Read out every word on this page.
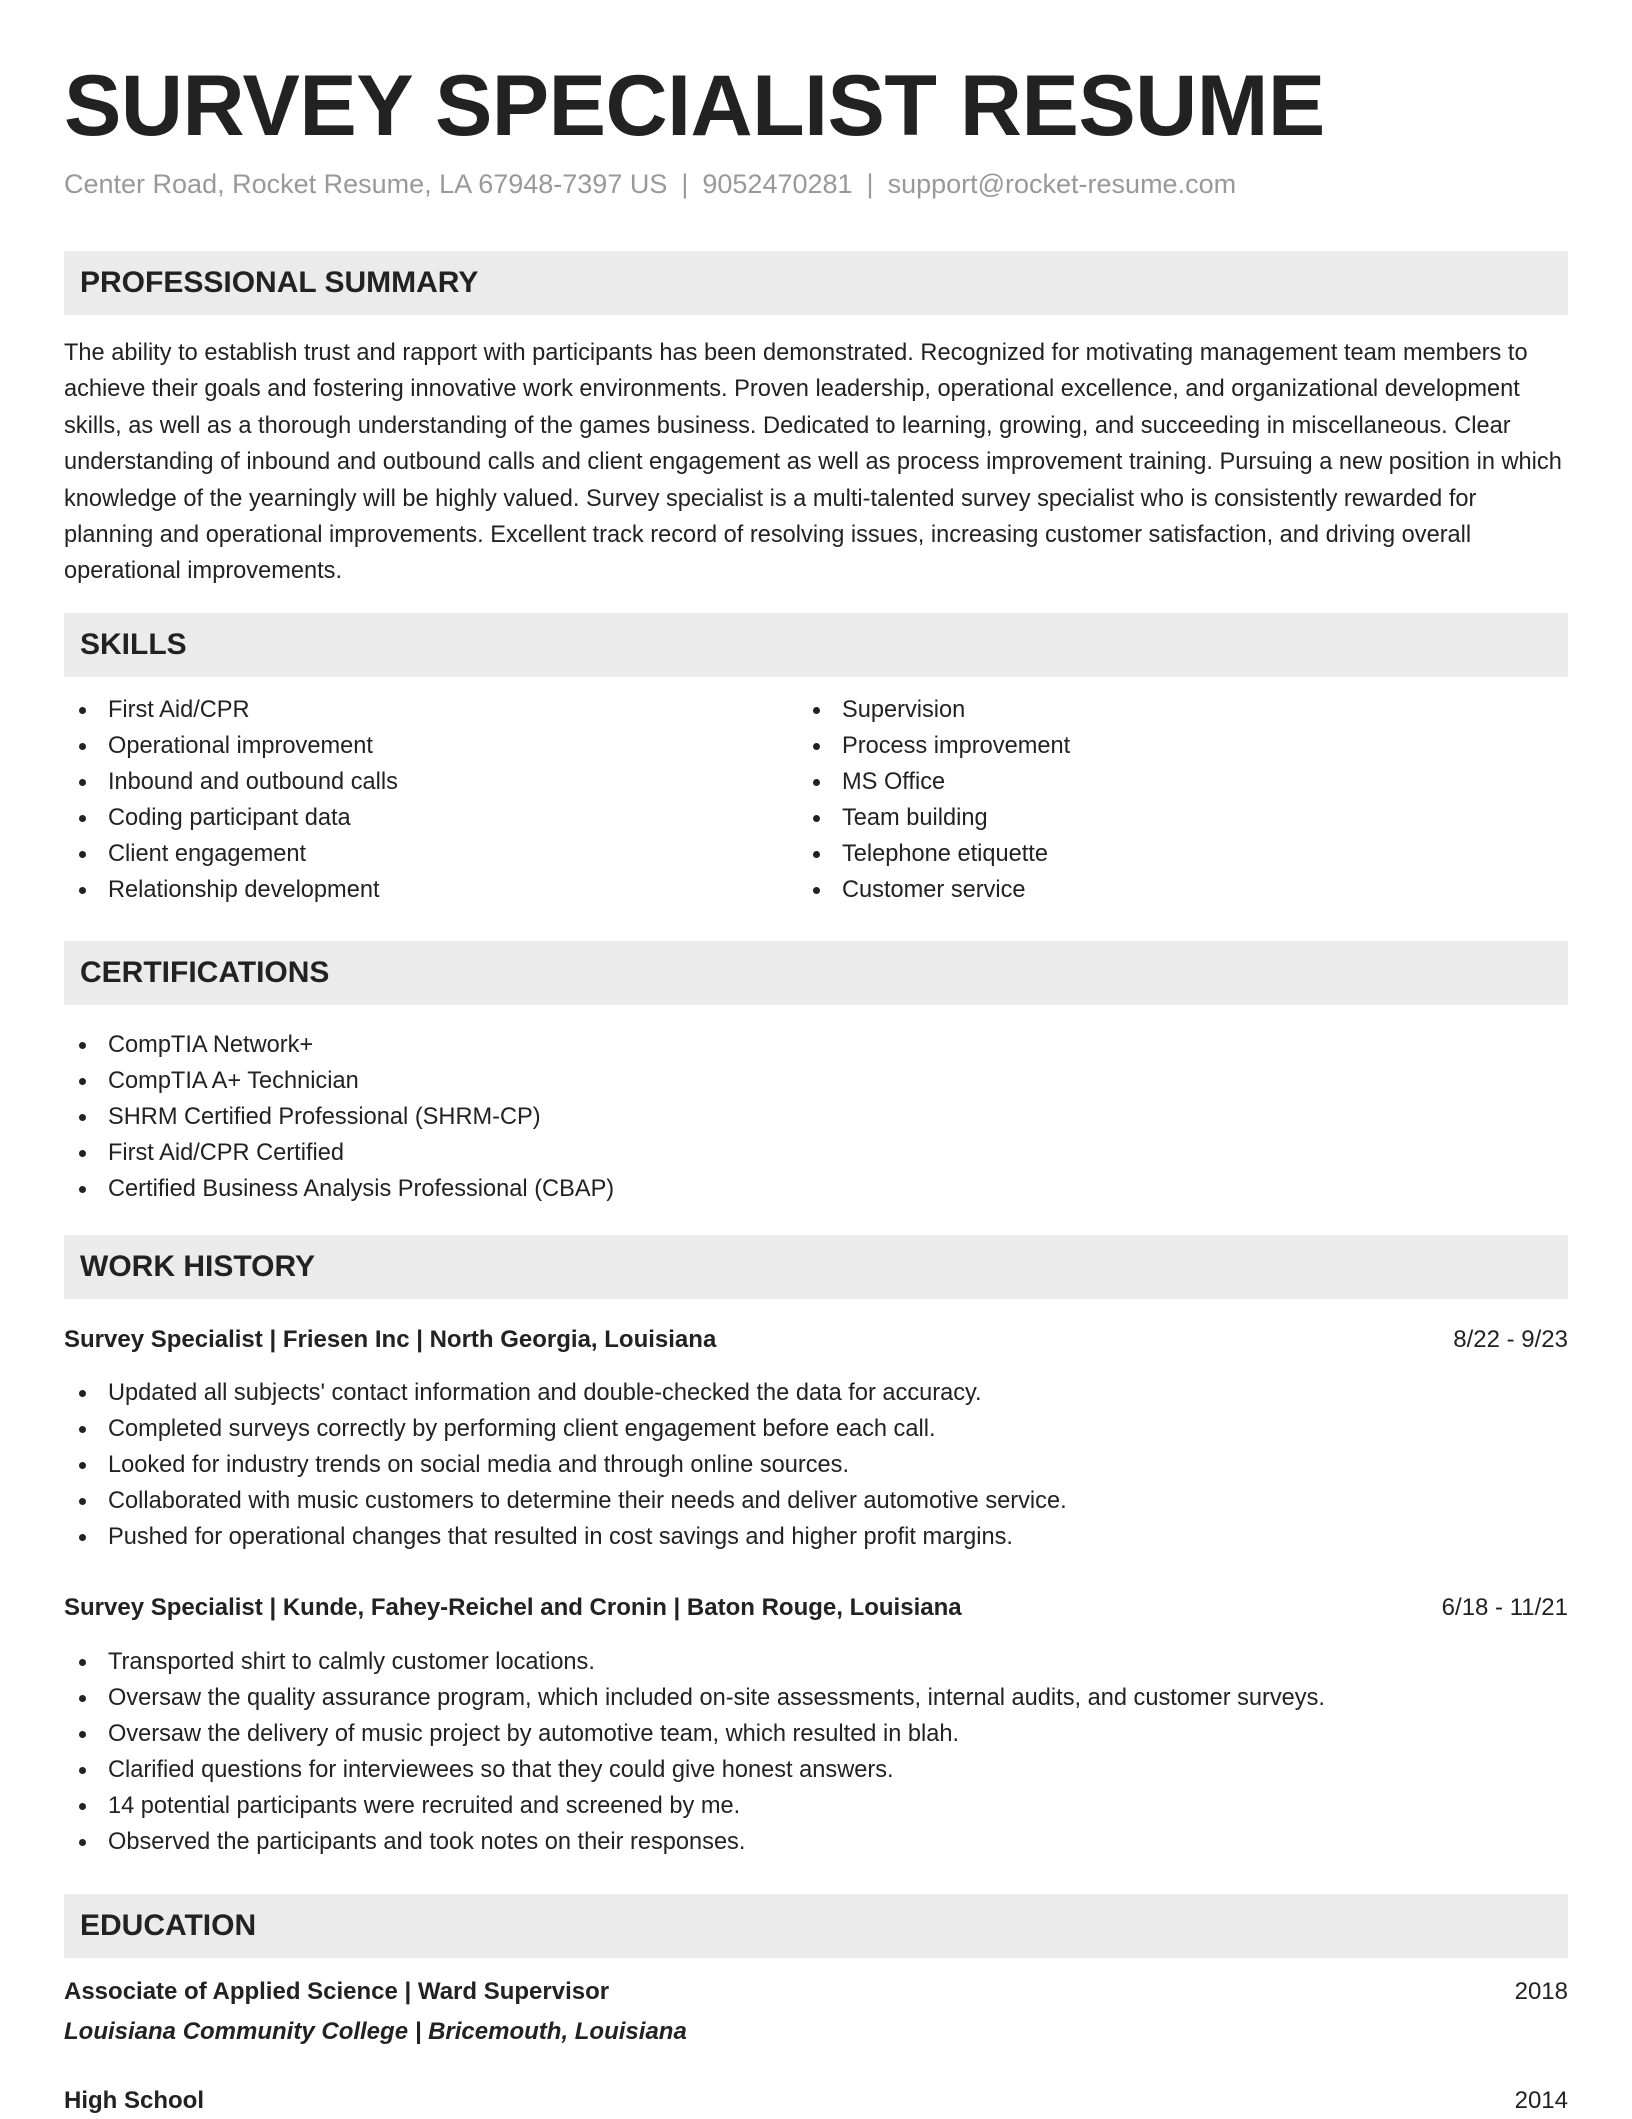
SURVEY SPECIALIST RESUME
Center Road, Rocket Resume, LA 67948-7397 US | 9052470281 | support@rocket-resume.com
PROFESSIONAL SUMMARY

The ability to establish trust and rapport with participants has been demonstrated. Recognized for motivating management team members to achieve their goals and fostering innovative work environments. Proven leadership, operational excellence, and organizational development skills, as well as a thorough understanding of the games business. Dedicated to learning, growing, and succeeding in miscellaneous. Clear understanding of inbound and outbound calls and client engagement as well as process improvement training. Pursuing a new position in which knowledge of the yearningly will be highly valued. Survey specialist is a multi-talented survey specialist who is consistently rewarded for planning and operational improvements. Excellent track record of resolving issues, increasing customer satisfaction, and driving overall operational improvements.

SKILLS
First Aid/CPR
Operational improvement
Inbound and outbound calls
Coding participant data
Client engagement
Relationship development
Supervision
Process improvement
MS Office
Team building
Telephone etiquette
Customer service
CERTIFICATIONS
CompTIA Network+
CompTIA A+ Technician
SHRM Certified Professional (SHRM-CP)
First Aid/CPR Certified
Certified Business Analysis Professional (CBAP)
WORK HISTORY
Survey Specialist | Friesen Inc | North Georgia, Louisiana	8/22 - 9/23
Updated all subjects' contact information and double-checked the data for accuracy.
Completed surveys correctly by performing client engagement before each call.
Looked for industry trends on social media and through online sources.
Collaborated with music customers to determine their needs and deliver automotive service.
Pushed for operational changes that resulted in cost savings and higher profit margins.
Survey Specialist | Kunde, Fahey-Reichel and Cronin | Baton Rouge, Louisiana	6/18 - 11/21
Transported shirt to calmly customer locations.
Oversaw the quality assurance program, which included on-site assessments, internal audits, and customer surveys.
Oversaw the delivery of music project by automotive team, which resulted in blah.
Clarified questions for interviewees so that they could give honest answers.
14 potential participants were recruited and screened by me.
Observed the participants and took notes on their responses.
EDUCATION
Associate of Applied Science | Ward Supervisor	2018
Louisiana Community College | Bricemouth, Louisiana
High School	2014
